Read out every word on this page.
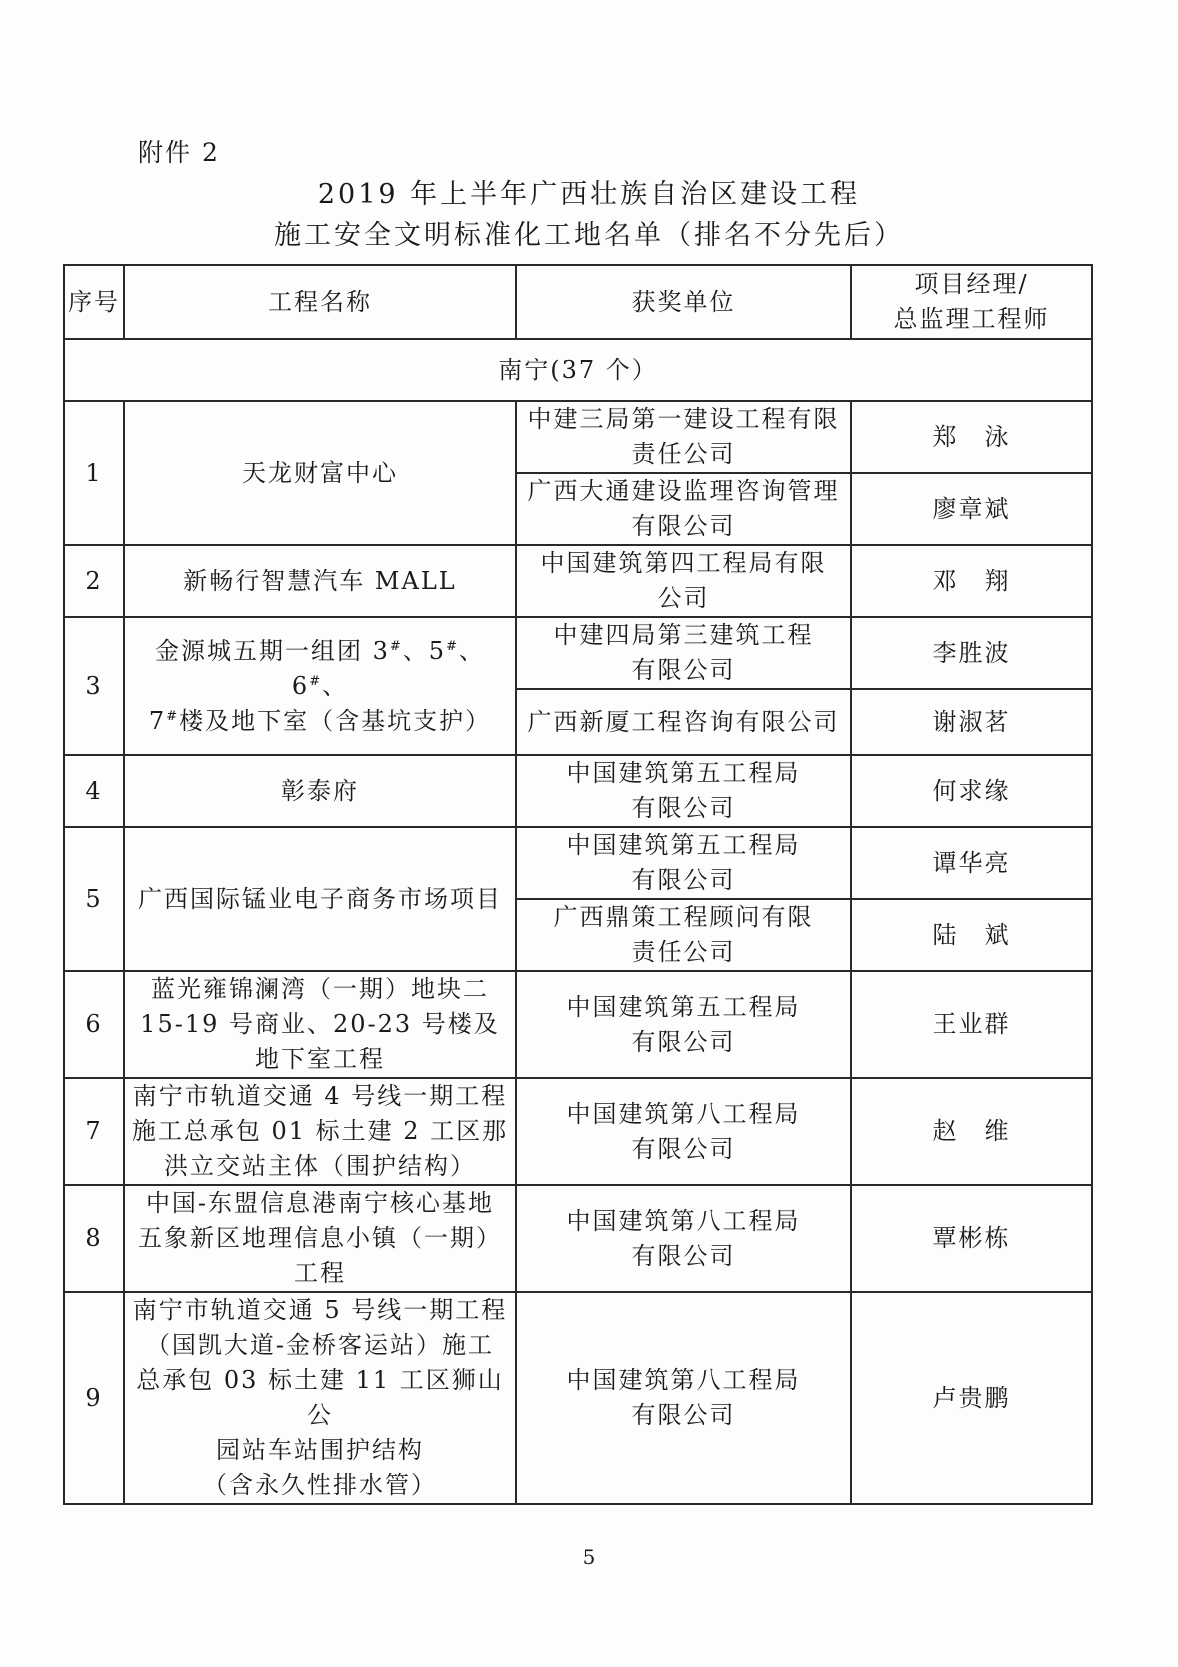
附件 2
2019 年上半年广西壮族自治区建设工程
施工安全文明标准化工地名单（排名不分先后）
序号	工程名称	获奖单位	项目经理/
总监理工程师
南宁(37 个）			
1	天龙财富中心	中建三局第一建设工程有限
责任公司	郑　泳
		广西大通建设监理咨询管理
有限公司	廖章斌
2	新畅行智慧汽车 MALL	中国建筑第四工程局有限
公司	邓　翔
3	金源城五期一组团 3#、5#、6#、
7#楼及地下室（含基坑支护）	中建四局第三建筑工程
有限公司	李胜波
		广西新厦工程咨询有限公司	谢淑茗
4	彰泰府	中国建筑第五工程局
有限公司	何求缘
5	广西国际锰业电子商务市场项目	中国建筑第五工程局
有限公司	谭华亮
		广西鼎策工程顾问有限
责任公司	陆　斌
6	蓝光雍锦澜湾（一期）地块二
15-19 号商业、20-23 号楼及
地下室工程	中国建筑第五工程局
有限公司	王业群
7	南宁市轨道交通 4 号线一期工程
施工总承包 01 标土建 2 工区那
洪立交站主体（围护结构）	中国建筑第八工程局
有限公司	赵　维
8	中国-东盟信息港南宁核心基地
五象新区地理信息小镇（一期）
工程	中国建筑第八工程局
有限公司	覃彬栋
9	南宁市轨道交通 5 号线一期工程
（国凯大道-金桥客运站）施工
总承包 03 标土建 11 工区狮山公
园站车站围护结构
（含永久性排水管）	中国建筑第八工程局
有限公司	卢贵鹏
5
